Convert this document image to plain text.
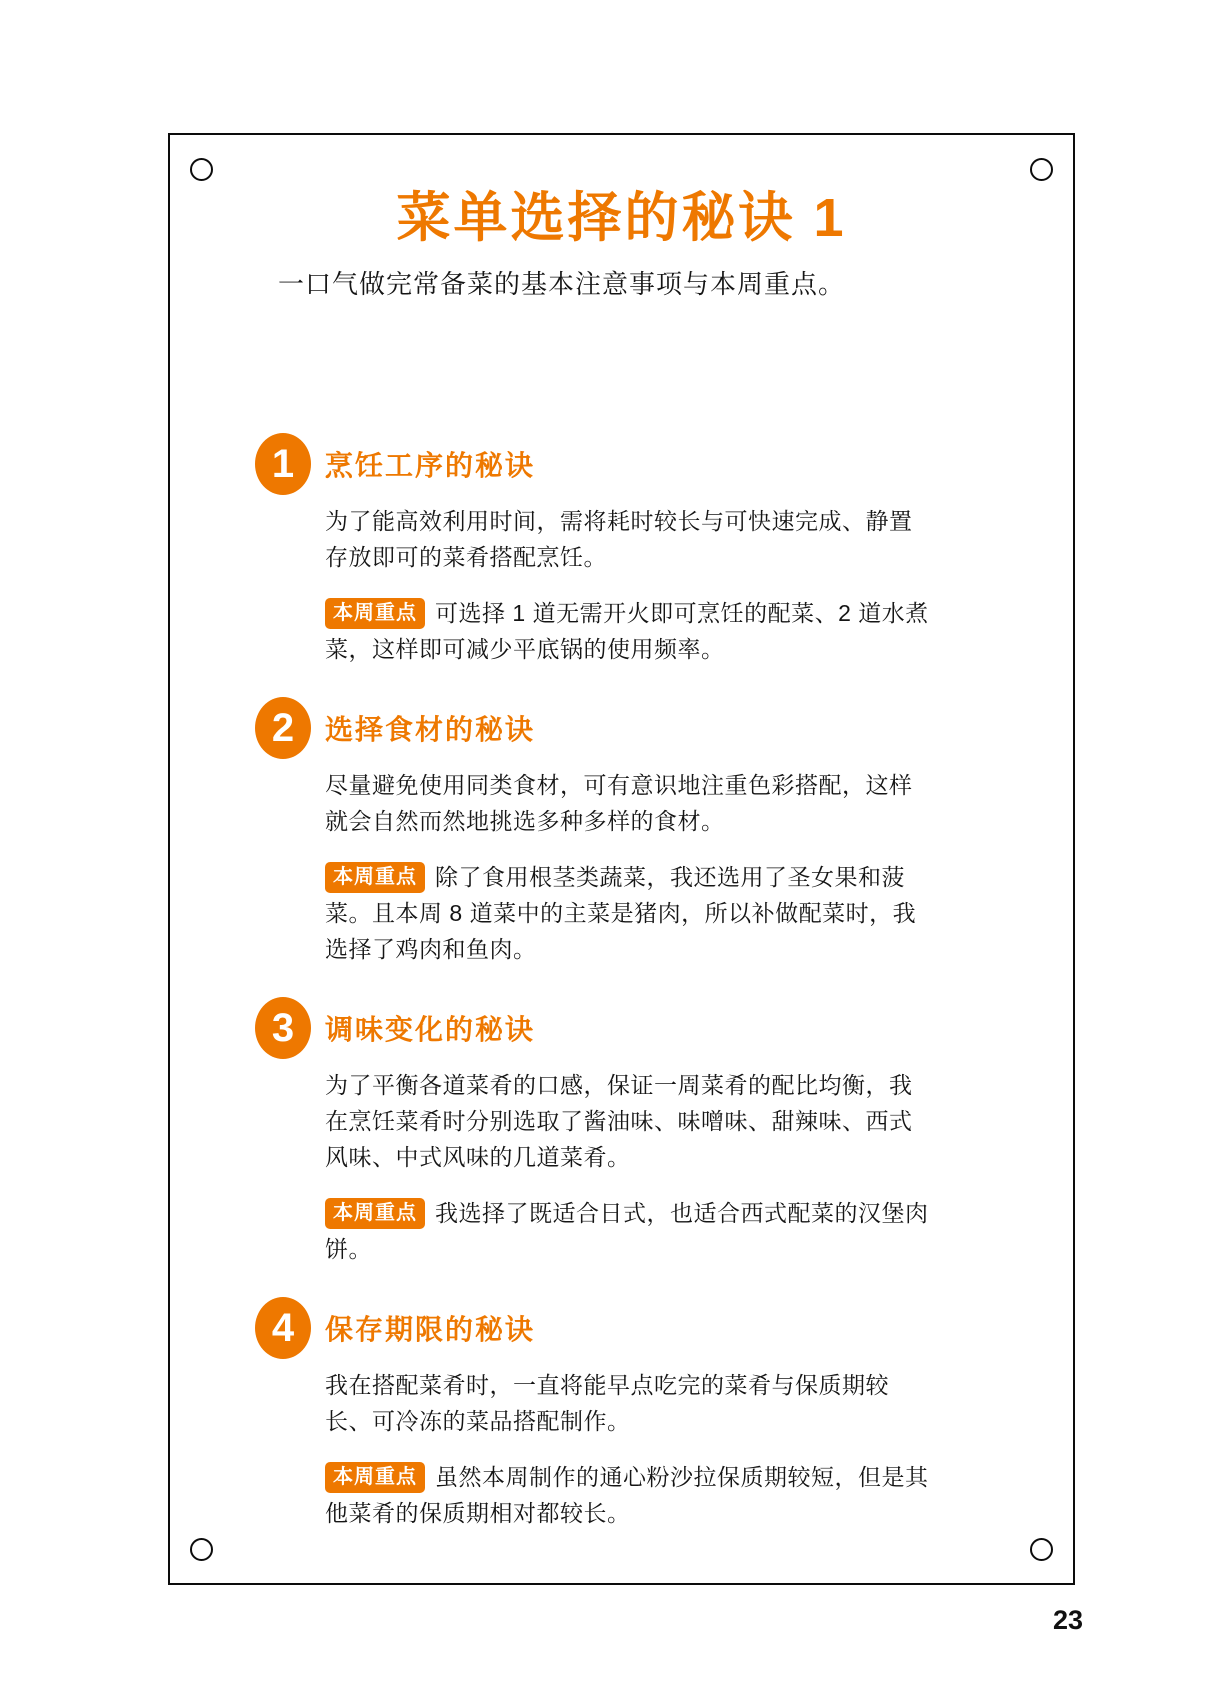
菜单选择的秘诀 1

一口气做完常备菜的基本注意事项与本周重点。

1	烹饪工序的秘诀

为了能高效利用时间，需将耗时较长与可快速完成、静置存放即可的菜肴搭配烹饪。

本周重点 可选择 1 道无需开火即可烹饪的配菜、2 道水煮菜，这样即可减少平底锅的使用频率。

2	选择食材的秘诀

尽量避免使用同类食材，可有意识地注重色彩搭配，这样就会自然而然地挑选多种多样的食材。

本周重点 除了食用根茎类蔬菜，我还选用了圣女果和菠菜。且本周 8 道菜中的主菜是猪肉，所以补做配菜时，我选择了鸡肉和鱼肉。

3	调味变化的秘诀

为了平衡各道菜肴的口感，保证一周菜肴的配比均衡，我在烹饪菜肴时分别选取了酱油味、味噌味、甜辣味、西式风味、中式风味的几道菜肴。

本周重点 我选择了既适合日式，也适合西式配菜的汉堡肉饼。

4	保存期限的秘诀

我在搭配菜肴时，一直将能早点吃完的菜肴与保质期较长、可冷冻的菜品搭配制作。

本周重点 虽然本周制作的通心粉沙拉保质期较短，但是其他菜肴的保质期相对都较长。

23
